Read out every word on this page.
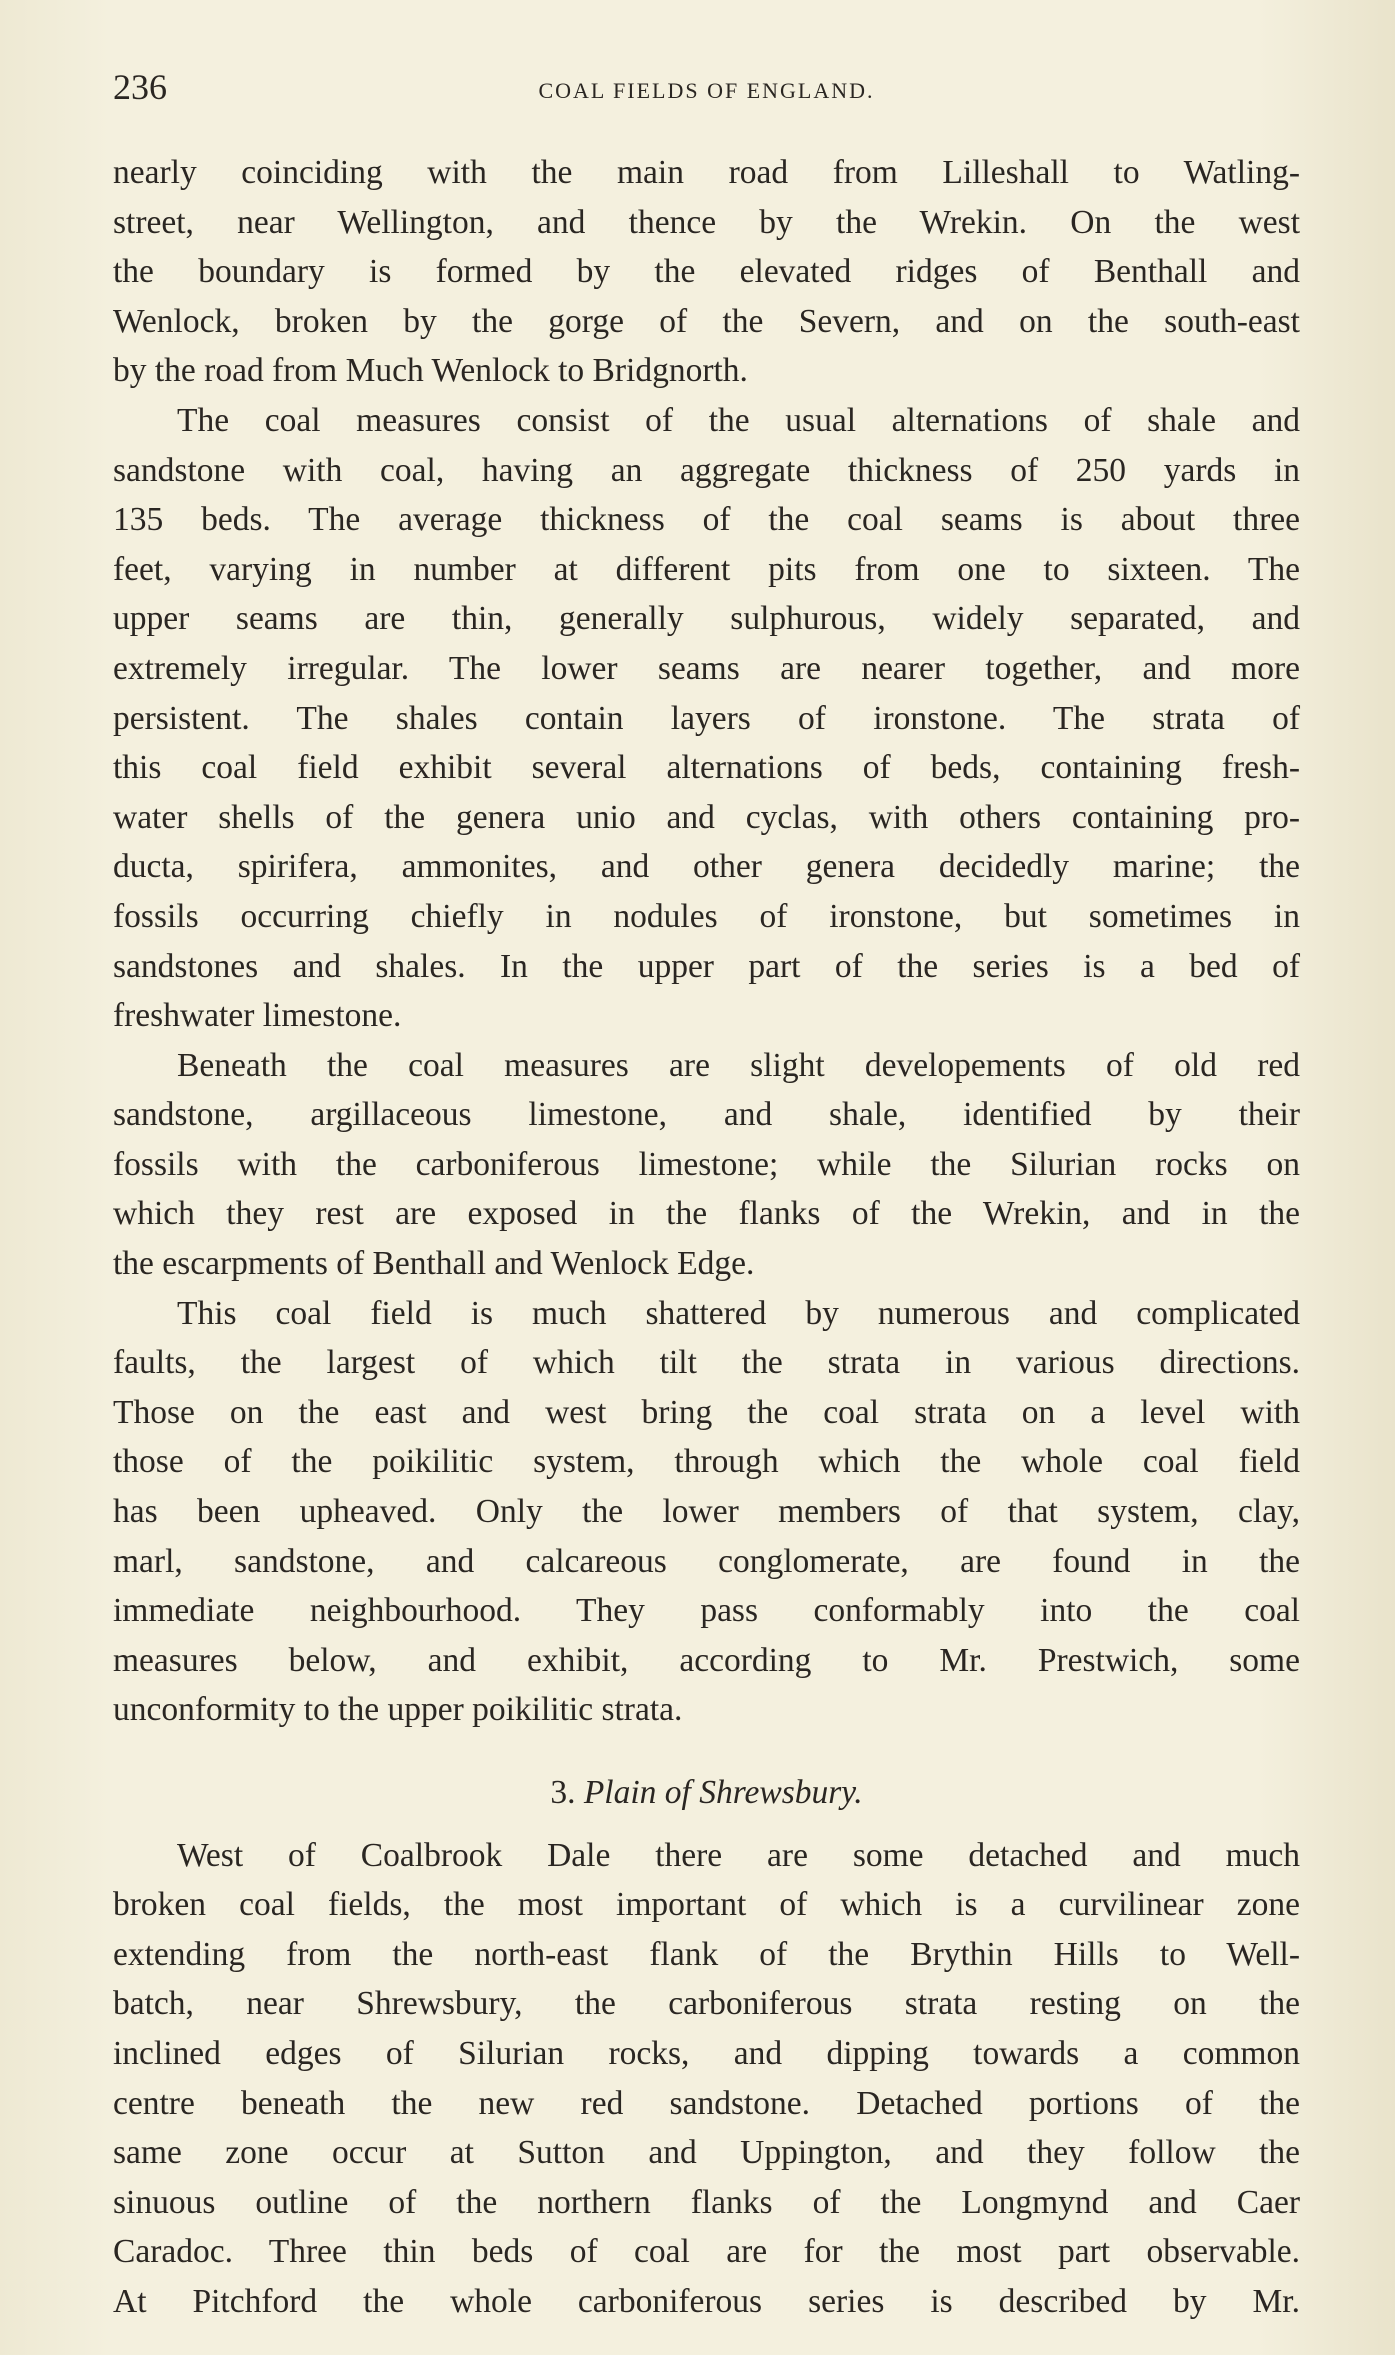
236	COAL FIELDS OF ENGLAND.
nearly coinciding with the main road from Lilleshall to Watling-
street, near Wellington, and thence by the Wrekin. On the west
the boundary is formed by the elevated ridges of Benthall and
Wenlock, broken by the gorge of the Severn, and on the south-east
by the road from Much Wenlock to Bridgnorth.
The coal measures consist of the usual alternations of shale and
sandstone with coal, having an aggregate thickness of 250 yards in
135 beds. The average thickness of the coal seams is about three
feet, varying in number at different pits from one to sixteen. The
upper seams are thin, generally sulphurous, widely separated, and
extremely irregular. The lower seams are nearer together, and more
persistent. The shales contain layers of ironstone. The strata of
this coal field exhibit several alternations of beds, containing fresh-
water shells of the genera unio and cyclas, with others containing pro-
ducta, spirifera, ammonites, and other genera decidedly marine; the
fossils occurring chiefly in nodules of ironstone, but sometimes in
sandstones and shales. In the upper part of the series is a bed of
freshwater limestone.
Beneath the coal measures are slight developements of old red
sandstone, argillaceous limestone, and shale, identified by their
fossils with the carboniferous limestone; while the Silurian rocks on
which they rest are exposed in the flanks of the Wrekin, and in the
the escarpments of Benthall and Wenlock Edge.
This coal field is much shattered by numerous and complicated
faults, the largest of which tilt the strata in various directions.
Those on the east and west bring the coal strata on a level with
those of the poikilitic system, through which the whole coal field
has been upheaved. Only the lower members of that system, clay,
marl, sandstone, and calcareous conglomerate, are found in the
immediate neighbourhood. They pass conformably into the coal
measures below, and exhibit, according to Mr. Prestwich, some
unconformity to the upper poikilitic strata.
3. Plain of Shrewsbury.
West of Coalbrook Dale there are some detached and much
broken coal fields, the most important of which is a curvilinear zone
extending from the north-east flank of the Brythin Hills to Well-
batch, near Shrewsbury, the carboniferous strata resting on the
inclined edges of Silurian rocks, and dipping towards a common
centre beneath the new red sandstone. Detached portions of the
same zone occur at Sutton and Uppington, and they follow the
sinuous outline of the northern flanks of the Longmynd and Caer
Caradoc. Three thin beds of coal are for the most part observable.
At Pitchford the whole carboniferous series is described by Mr.
